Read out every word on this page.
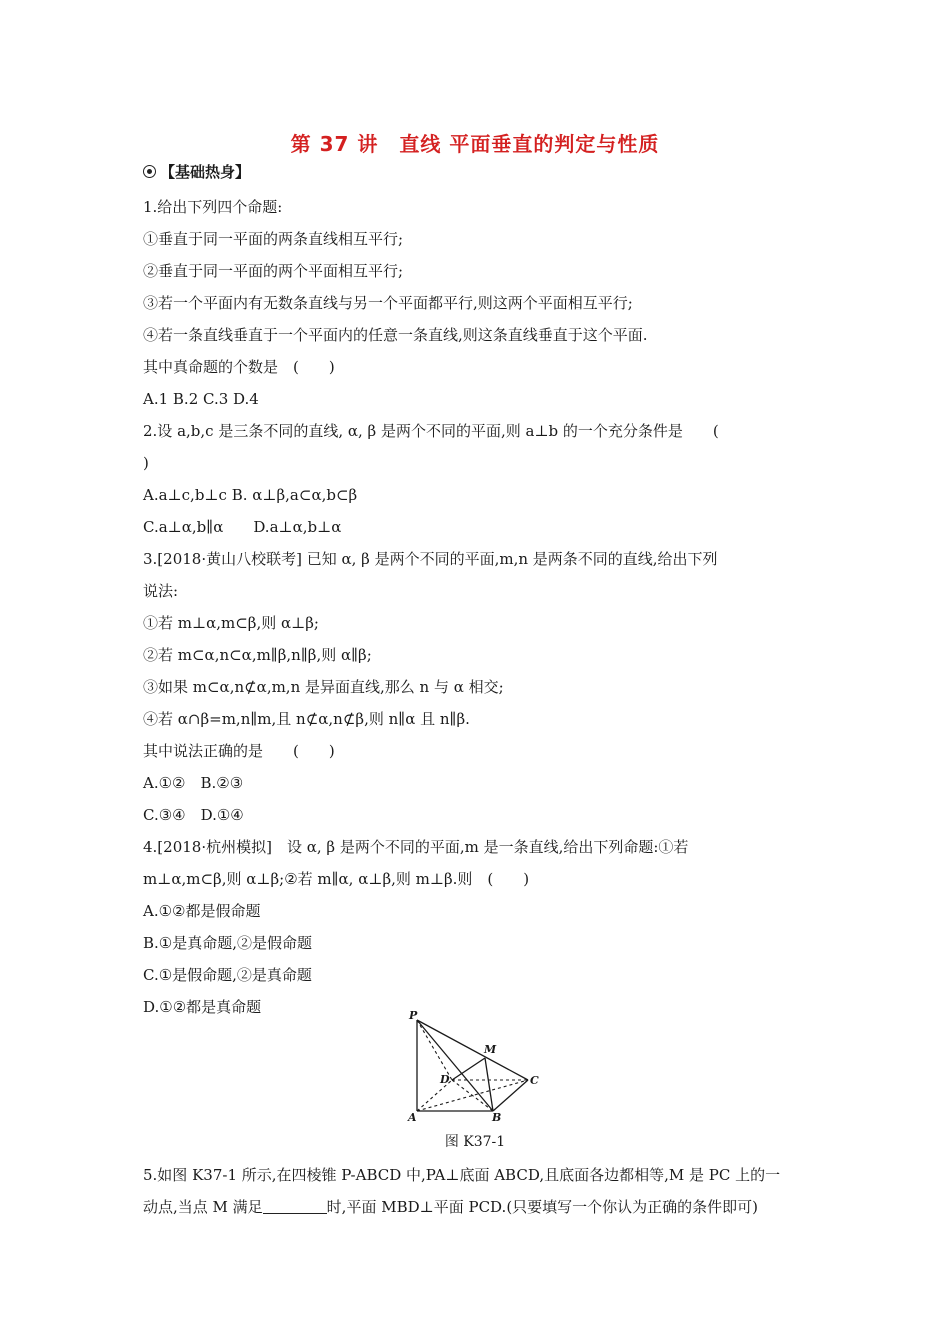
第 37 讲　直线 平面垂直的判定与性质
【基础热身】
1.给出下列四个命题:
①垂直于同一平面的两条直线相互平行;
②垂直于同一平面的两个平面相互平行;
③若一个平面内有无数条直线与另一个平面都平行,则这两个平面相互平行;
④若一条直线垂直于一个平面内的任意一条直线,则这条直线垂直于这个平面.
其中真命题的个数是　(　　)
A.1 B.2 C.3 D.4
2.设 a,b,c 是三条不同的直线, α, β 是两个不同的平面,则 a⊥b 的一个充分条件是　　(
)
A.a⊥c,b⊥c B. α⊥β,a⊂α,b⊂β
C.a⊥α,b∥α　　D.a⊥α,b⊥α
3.[2018·黄山八校联考] 已知 α, β 是两个不同的平面,m,n 是两条不同的直线,给出下列
说法:
①若 m⊥α,m⊂β,则 α⊥β;
②若 m⊂α,n⊂α,m∥β,n∥β,则 α∥β;
③如果 m⊂α,n⊄α,m,n 是异面直线,那么 n 与 α 相交;
④若 α∩β=m,n∥m,且 n⊄α,n⊄β,则 n∥α 且 n∥β.
其中说法正确的是　　(　　)
A.①②　B.②③
C.③④　D.①④
4.[2018·杭州模拟]　设 α, β 是两个不同的平面,m 是一条直线,给出下列命题:①若
m⊥α,m⊂β,则 α⊥β;②若 m∥α, α⊥β,则 m⊥β.则　(　　)
A.①②都是假命题
B.①是真命题,②是假命题
C.①是假命题,②是真命题
D.①②都是真命题	P
M
D	C
A	B
图 K37-1
5.如图 K37-1 所示,在四棱锥 P-ABCD 中,PA⊥底面 ABCD,且底面各边都相等,M 是 PC 上的一
动点,当点 M 满足	时,平面 MBD⊥平面 PCD.(只要填写一个你认为正确的条件即可)
